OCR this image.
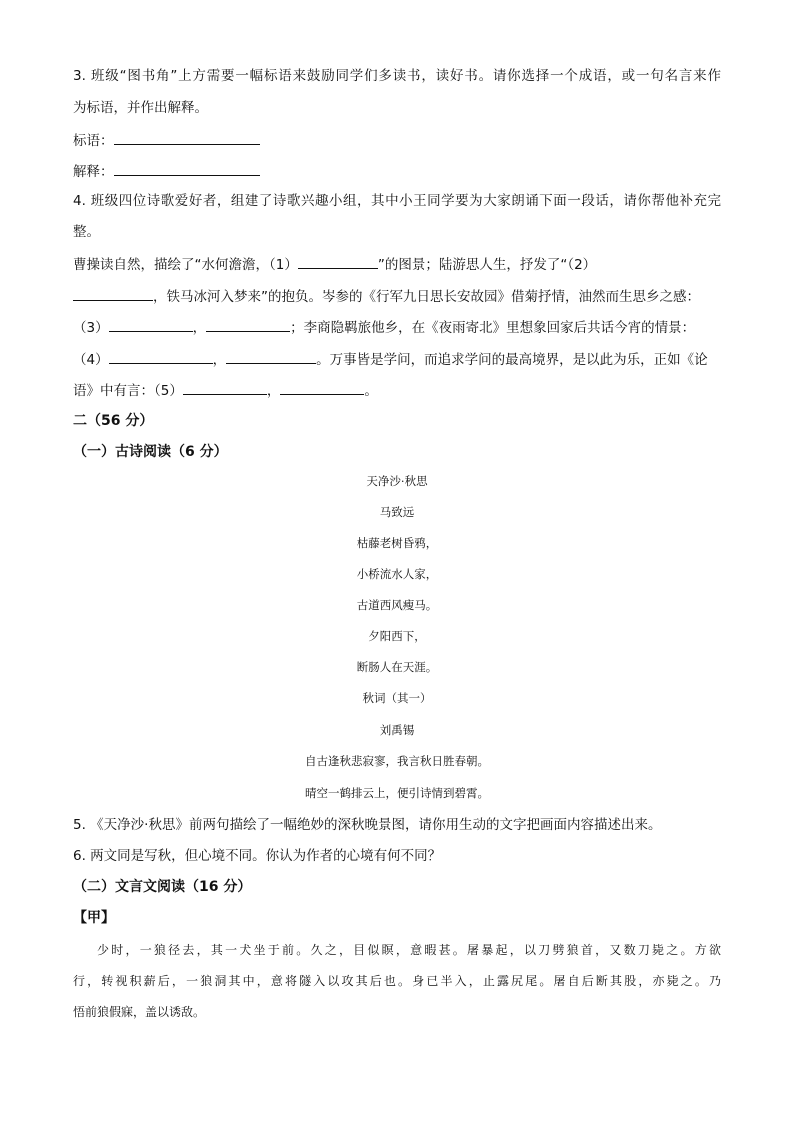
3. 班级“图书角”上方需要一幅标语来鼓励同学们多读书，读好书。请你选择一个成语，或一句名言来作
为标语，并作出解释。
标语：
解释：
4. 班级四位诗歌爱好者，组建了诗歌兴趣小组，其中小王同学要为大家朗诵下面一段话，请你帮他补充完
整。
曹操读自然，描绘了“水何澹澹，（1）	”的图景；陆游思人生，抒发了“（2）
，铁马冰河入梦来”的抱负。岑参的《行军九日思长安故园》借菊抒情，油然而生思乡之感：
（3）	，	；李商隐羁旅他乡，在《夜雨寄北》里想象回家后共话今宵的情景：
（4）	，	。万事皆是学问，而追求学问的最高境界，是以此为乐，正如《论
语》中有言：（5）	，	。
二（56 分）
（一）古诗阅读（6 分）
天净沙·秋思
马致远
枯藤老树昏鸦，
小桥流水人家，
古道西风瘦马。
夕阳西下，
断肠人在天涯。
秋词（其一）
刘禹锡
自古逢秋悲寂寥，我言秋日胜春朝。
晴空一鹤排云上，便引诗情到碧霄。
5. 《天净沙·秋思》前两句描绘了一幅绝妙的深秋晚景图，请你用生动的文字把画面内容描述出来。
6. 两文同是写秋，但心境不同。你认为作者的心境有何不同？
（二）文言文阅读（16 分）
【甲】
少时，一狼径去，其一犬坐于前。久之，目似瞑，意暇甚。屠暴起，以刀劈狼首，又数刀毙之。方欲
行，转视积薪后，一狼洞其中，意将隧入以攻其后也。身已半入，止露尻尾。屠自后断其股，亦毙之。乃
悟前狼假寐，盖以诱敌。
